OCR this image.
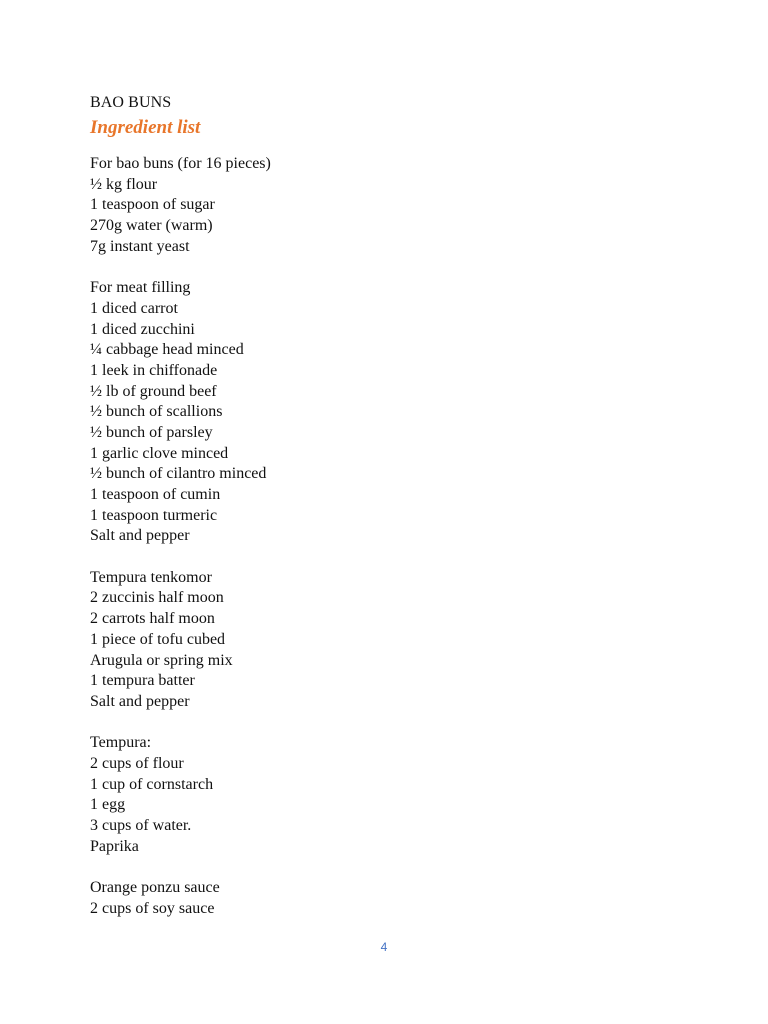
BAO BUNS
Ingredient list
For bao buns (for 16 pieces)
½ kg flour
1 teaspoon of sugar
270g water (warm)
7g instant yeast
For meat filling
1 diced carrot
1 diced zucchini
¼ cabbage head minced
1 leek in chiffonade
½ lb of ground beef
½ bunch of scallions
½ bunch of parsley
1 garlic clove minced
½ bunch of cilantro minced
1 teaspoon of cumin
1 teaspoon turmeric
Salt and pepper
Tempura tenkomor
2 zuccinis half moon
2 carrots half moon
1 piece of tofu cubed
Arugula or spring mix
1 tempura batter
Salt and pepper
Tempura:
2 cups of flour
1 cup of cornstarch
1 egg
3 cups of water.
Paprika
Orange ponzu sauce
2 cups of soy sauce
4
